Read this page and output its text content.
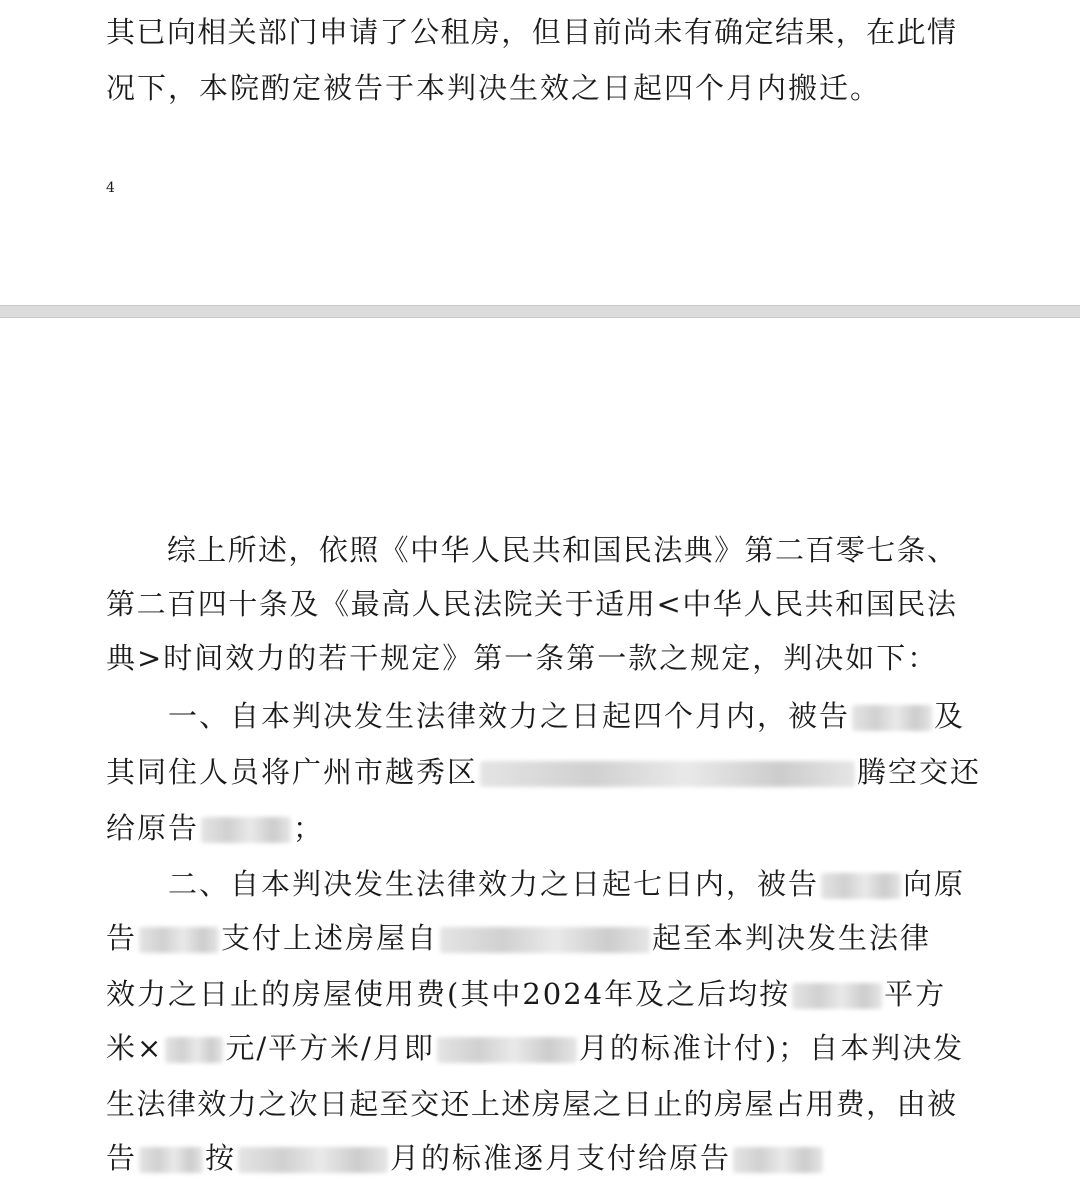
其已向相关部门申请了公租房，但目前尚未有确定结果，在此情
况下，本院酌定被告于本判决生效之日起四个月内搬迁。
4
　　综上所述，依照《中华人民共和国民法典》第二百零七条、
第二百四十条及《最高人民法院关于适用<中华人民共和国民法
典>时间效力的若干规定》第一条第一款之规定，判决如下：
　　一、自本判决发生法律效力之日起四个月内，被告	及
其同住人员将广州市越秀区	腾空交还
给原告	；
　　二、自本判决发生法律效力之日起七日内，被告	向原
告	支付上述房屋自	起至本判决发生法律
效力之日止的房屋使用费(其中2024年及之后均按	平方
米× 元/平方米/月即	月的标准计付)；自本判决发
生法律效力之次日起至交还上述房屋之日止的房屋占用费，由被
告 按	月的标准逐月支付给原告
